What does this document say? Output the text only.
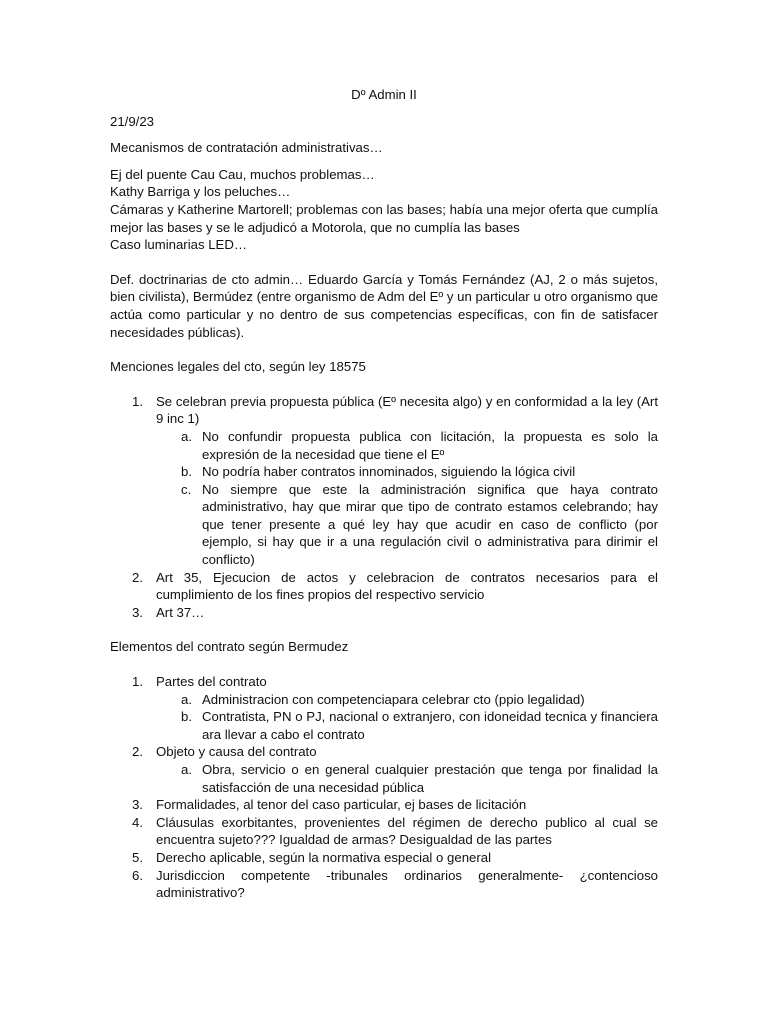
Dº Admin II
21/9/23
Mecanismos de contratación administrativas…
Ej del puente Cau Cau, muchos problemas…
Kathy Barriga y los peluches…
Cámaras y Katherine Martorell; problemas con las bases; había una mejor oferta que cumplía mejor las bases y se le adjudicó a Motorola, que no cumplía las bases
Caso luminarias LED…
Def. doctrinarias de cto admin… Eduardo García y Tomás Fernández (AJ, 2 o más sujetos, bien civilista), Bermúdez (entre organismo de Adm del Eº y un particular u otro organismo que actúa como particular y no dentro de sus competencias específicas, con fin de satisfacer necesidades públicas).
Menciones legales del cto, según ley 18575
1. Se celebran previa propuesta pública (Eº necesita algo) y en conformidad a la ley (Art 9 inc 1)
a. No confundir propuesta publica con licitación, la propuesta es solo la expresión de la necesidad que tiene el Eº
b. No podría haber contratos innominados, siguiendo la lógica civil
c. No siempre que este la administración significa que haya contrato administrativo, hay que mirar que tipo de contrato estamos celebrando; hay que tener presente a qué ley hay que acudir en caso de conflicto (por ejemplo, si hay que ir a una regulación civil o administrativa para dirimir el conflicto)
2. Art 35, Ejecucion de actos y celebracion de contratos necesarios para el cumplimiento de los fines propios del respectivo servicio
3. Art 37…
Elementos del contrato según Bermudez
1. Partes del contrato
a. Administracion con competenciapara celebrar cto (ppio legalidad)
b. Contratista, PN o PJ, nacional o extranjero, con idoneidad tecnica y financiera ara llevar a cabo el contrato
2. Objeto y causa del contrato
a. Obra, servicio o en general cualquier prestación que tenga por finalidad la satisfacción de una necesidad pública
3. Formalidades, al tenor del caso particular, ej bases de licitación
4. Cláusulas exorbitantes, provenientes del régimen de derecho publico al cual se encuentra sujeto??? Igualdad de armas? Desigualdad de las partes
5. Derecho aplicable, según la normativa especial o general
6. Jurisdiccion competente -tribunales ordinarios generalmente- ¿contencioso administrativo?
